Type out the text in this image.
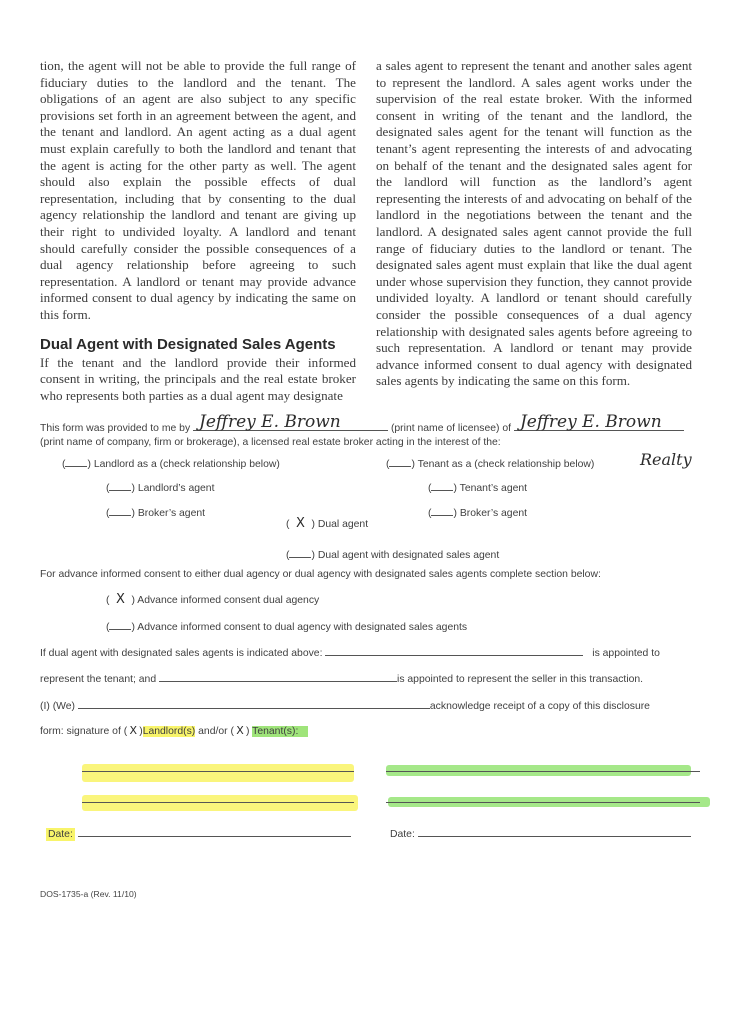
tion, the agent will not be able to provide the full range of fiduciary duties to the landlord and the tenant. The obligations of an agent are also subject to any specific provisions set forth in an agreement between the agent, and the tenant and landlord. An agent acting as a dual agent must explain carefully to both the landlord and tenant that the agent is acting for the other party as well. The agent should also explain the possible effects of dual representation, including that by consenting to the dual agency relationship the landlord and tenant are giving up their right to undivided loyalty. A landlord and tenant should carefully consider the possible consequences of a dual agency relationship before agreeing to such representation. A landlord or tenant may provide advance informed consent to dual agency by indicating the same on this form.

Dual Agent with Designated Sales Agents

If the tenant and the landlord provide their informed consent in writing, the principals and the real estate broker who represents both parties as a dual agent may designate

a sales agent to represent the tenant and another sales agent to represent the landlord. A sales agent works under the supervision of the real estate broker. With the informed consent in writing of the tenant and the landlord, the designated sales agent for the tenant will function as the tenant’s agent representing the interests of and advocating on behalf of the tenant and the designated sales agent for the landlord will function as the landlord’s agent representing the interests of and advocating on behalf of the landlord in the negotiations between the tenant and the landlord. A designated sales agent cannot provide the full range of fiduciary duties to the landlord or tenant. The designated sales agent must explain that like the dual agent under whose supervision they function, they cannot provide undivided loyalty. A landlord or tenant should carefully consider the possible consequences of a dual agency relationship with designated sales agents before agreeing to such representation. A landlord or tenant may provide advance informed consent to dual agency with designated sales agents by indicating the same on this form.

This form was provided to me by Jeffrey E. Brown	(print name of licensee) of Jeffrey E. Brown
(print name of company, firm or brokerage), a licensed real estate broker acting in the interest of the:
Realty
( ) Landlord as a (check relationship below)	( ) Tenant as a (check relationship below)
( ) Landlord’s agent	( ) Tenant’s agent
( ) Broker’s agent	( ) Broker’s agent
( X ) Dual agent
( ) Dual agent with designated sales agent
For advance informed consent to either dual agency or dual agency with designated sales agents complete section below:
( X ) Advance informed consent dual agency
( ) Advance informed consent to dual agency with designated sales agents
If dual agent with designated sales agents is indicated above:	is appointed to
represent the tenant; and	is appointed to represent the seller in this transaction.
(I) (We)	acknowledge receipt of a copy of this disclosure
form: signature of ( X )Landlord(s) and/or ( X ) Tenant(s):
Date:	Date:
DOS-1735-a (Rev. 11/10)
